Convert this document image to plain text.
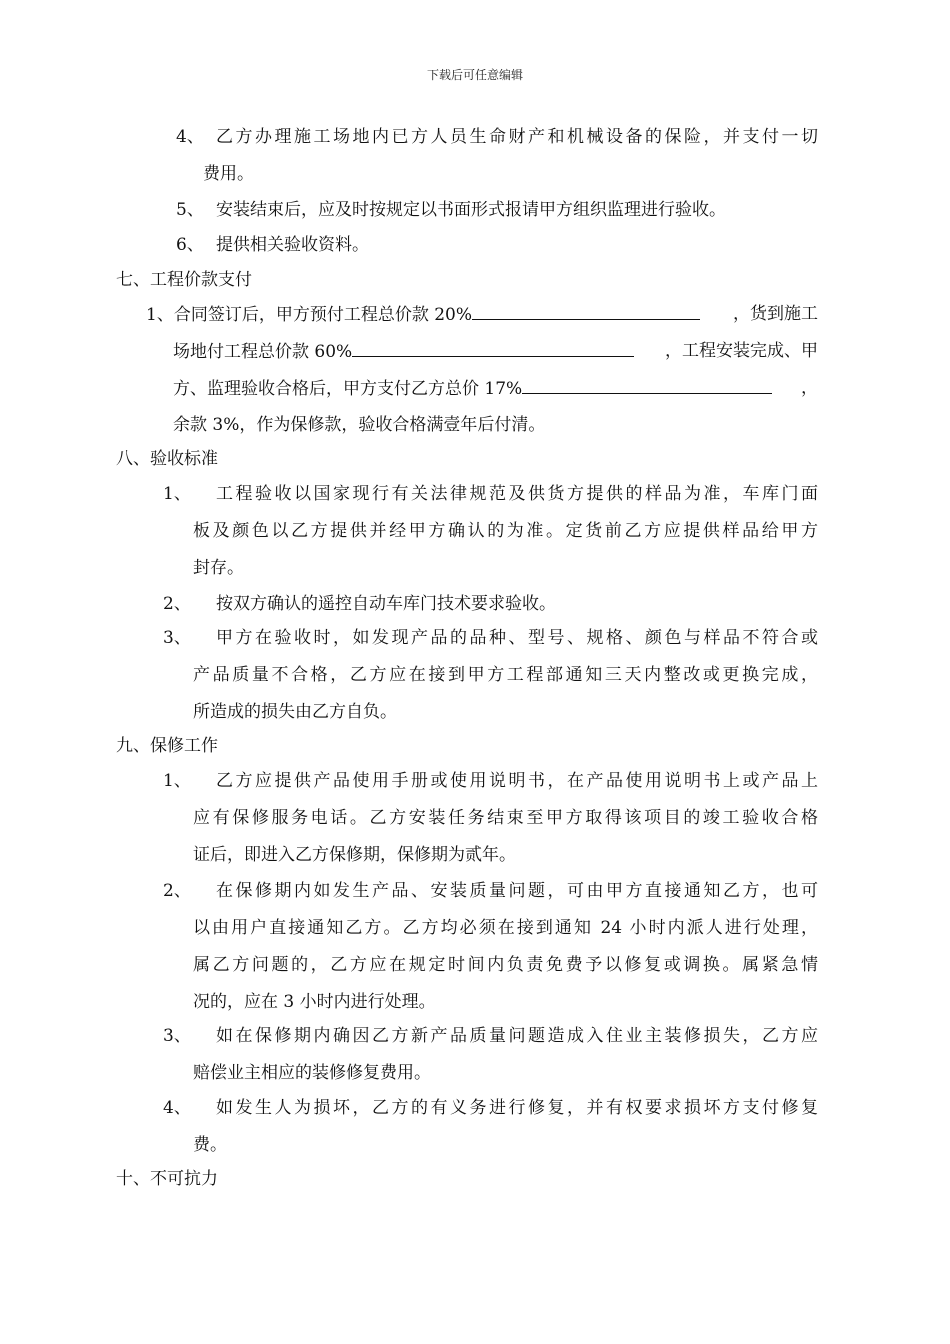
下载后可任意编辑
4、 乙方办理施工场地内已方人员生命财产和机械设备的保险，并支付一切
费用。
5、 安装结束后，应及时按规定以书面形式报请甲方组织监理进行验收。
6、 提供相关验收资料。
七、工程价款支付
1、合同签订后，甲方预付工程总价款 20%	，货到施工
场地付工程总价款 60%	，工程安装完成、甲
方、监理验收合格后，甲方支付乙方总价 17%	，
余款 3%，作为保修款，验收合格满壹年后付清。
八、验收标准
1、 工程验收以国家现行有关法律规范及供货方提供的样品为准，车库门面
板及颜色以乙方提供并经甲方确认的为准。定货前乙方应提供样品给甲方
封存。
2、 按双方确认的遥控自动车库门技术要求验收。
3、 甲方在验收时，如发现产品的品种、型号、规格、颜色与样品不符合或
产品质量不合格，乙方应在接到甲方工程部通知三天内整改或更换完成，
所造成的损失由乙方自负。
九、保修工作
1、 乙方应提供产品使用手册或使用说明书，在产品使用说明书上或产品上
应有保修服务电话。乙方安装任务结束至甲方取得该项目的竣工验收合格
证后，即进入乙方保修期，保修期为贰年。
2、 在保修期内如发生产品、安装质量问题，可由甲方直接通知乙方，也可
以由用户直接通知乙方。乙方均必须在接到通知 24 小时内派人进行处理，
属乙方问题的，乙方应在规定时间内负责免费予以修复或调换。属紧急情
况的，应在 3 小时内进行处理。
3、 如在保修期内确因乙方新产品质量问题造成入住业主装修损失，乙方应
赔偿业主相应的装修修复费用。
4、 如发生人为损坏，乙方的有义务进行修复，并有权要求损坏方支付修复
费。
十、不可抗力
